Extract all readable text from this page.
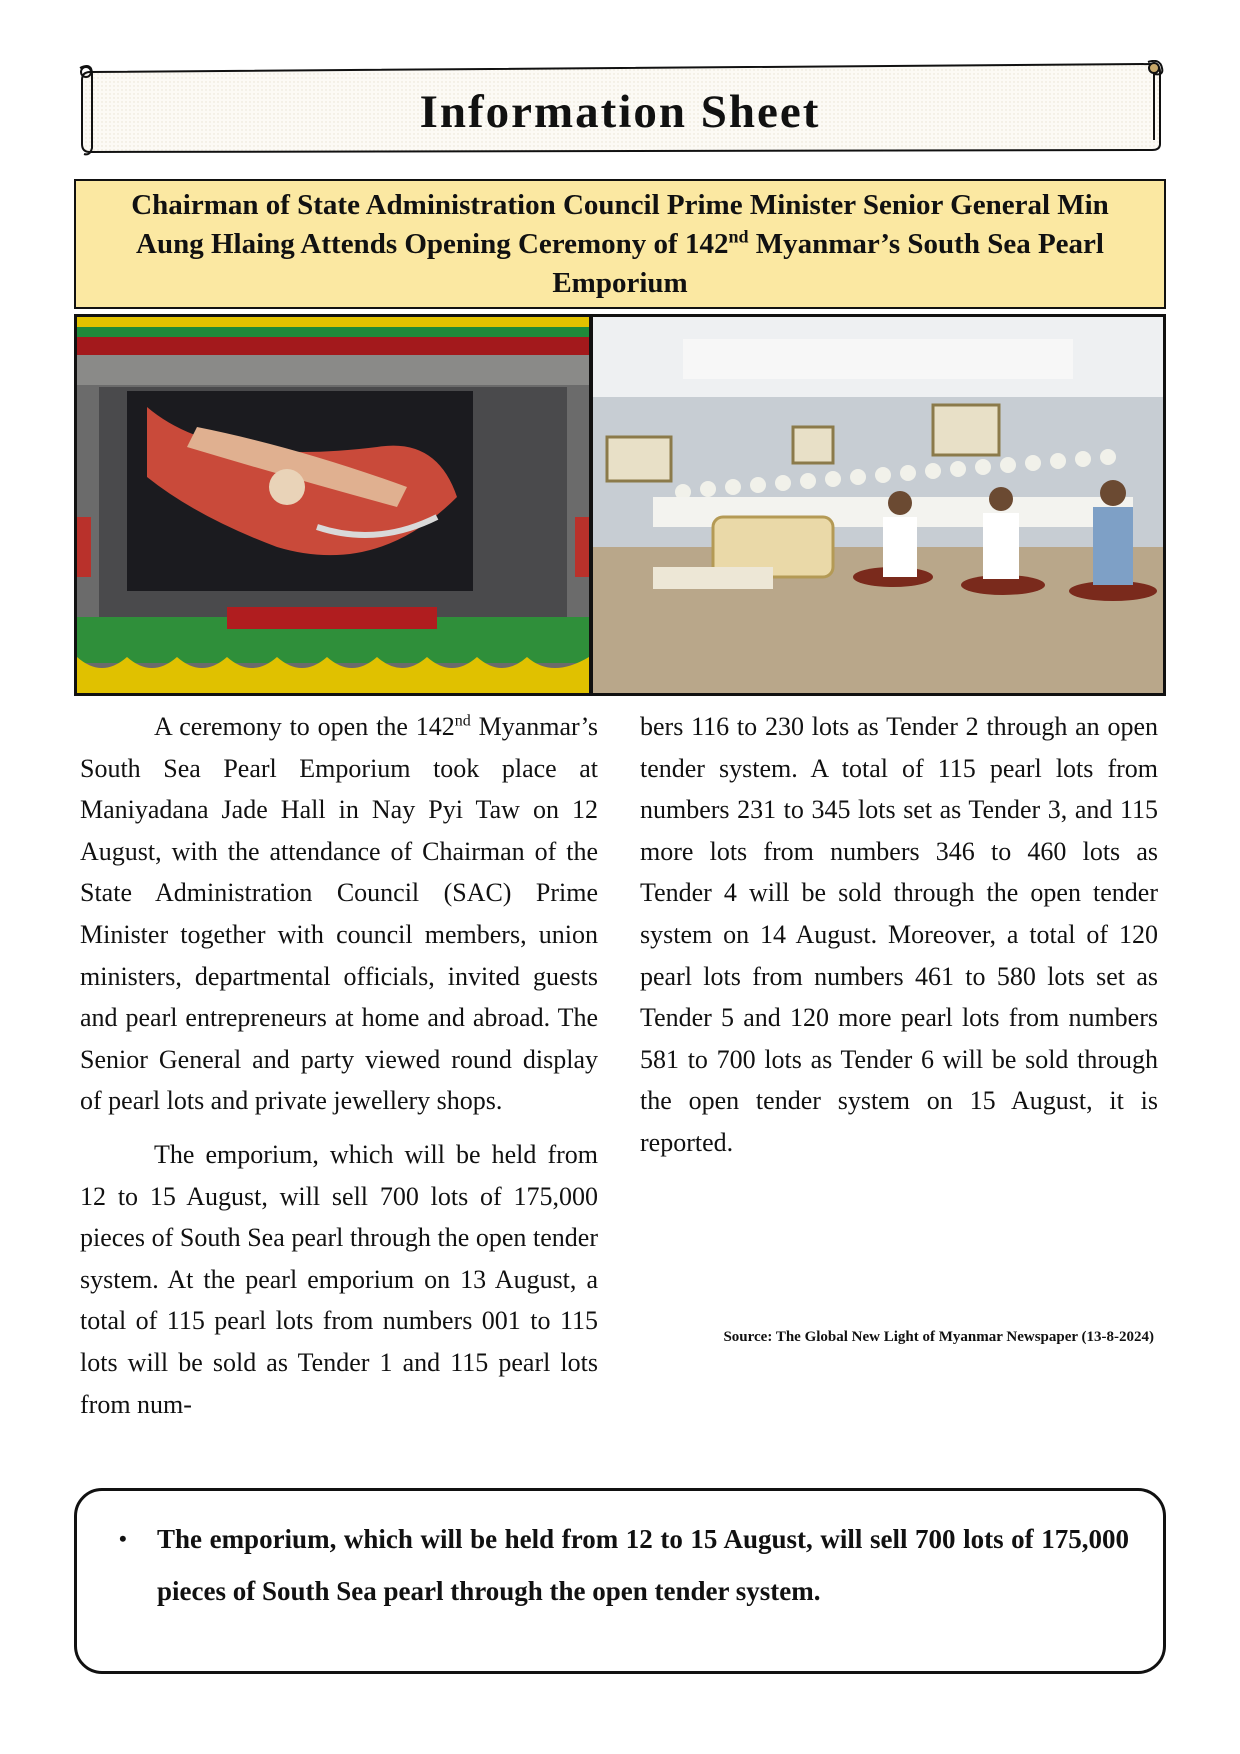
Information Sheet
Chairman of State Administration Council Prime Minister Senior General Min Aung Hlaing Attends Opening Ceremony of 142nd Myanmar’s South Sea Pearl Emporium

A ceremony to open the 142nd Myanmar’s South Sea Pearl Emporium took place at Maniyadana Jade Hall in Nay Pyi Taw on 12 August, with the attendance of Chairman of the State Administration Council (SAC) Prime Minister together with council members, union ministers, departmental officials, invited guests and pearl entrepreneurs at home and abroad. The Senior General and party viewed round display of pearl lots and private jewellery shops.

The emporium, which will be held from 12 to 15 August, will sell 700 lots of 175,000 pieces of South Sea pearl through the open tender system. At the pearl emporium on 13 August, a total of 115 pearl lots from numbers 001 to 115 lots will be sold as Tender 1 and 115 pearl lots from num-

bers 116 to 230 lots as Tender 2 through an open tender system. A total of 115 pearl lots from numbers 231 to 345 lots set as Tender 3, and 115 more lots from numbers 346 to 460 lots as Tender 4 will be sold through the open tender system on 14 August. Moreover, a total of 120 pearl lots from numbers 461 to 580 lots set as Tender 5 and 120 more pearl lots from numbers 581 to 700 lots as Tender 6 will be sold through the open tender system on 15 August, it is reported.

Source: The Global New Light of Myanmar Newspaper (13-8-2024)
• The emporium, which will be held from 12 to 15 August, will sell 700 lots of 175,000 pieces of South Sea pearl through the open tender system.
